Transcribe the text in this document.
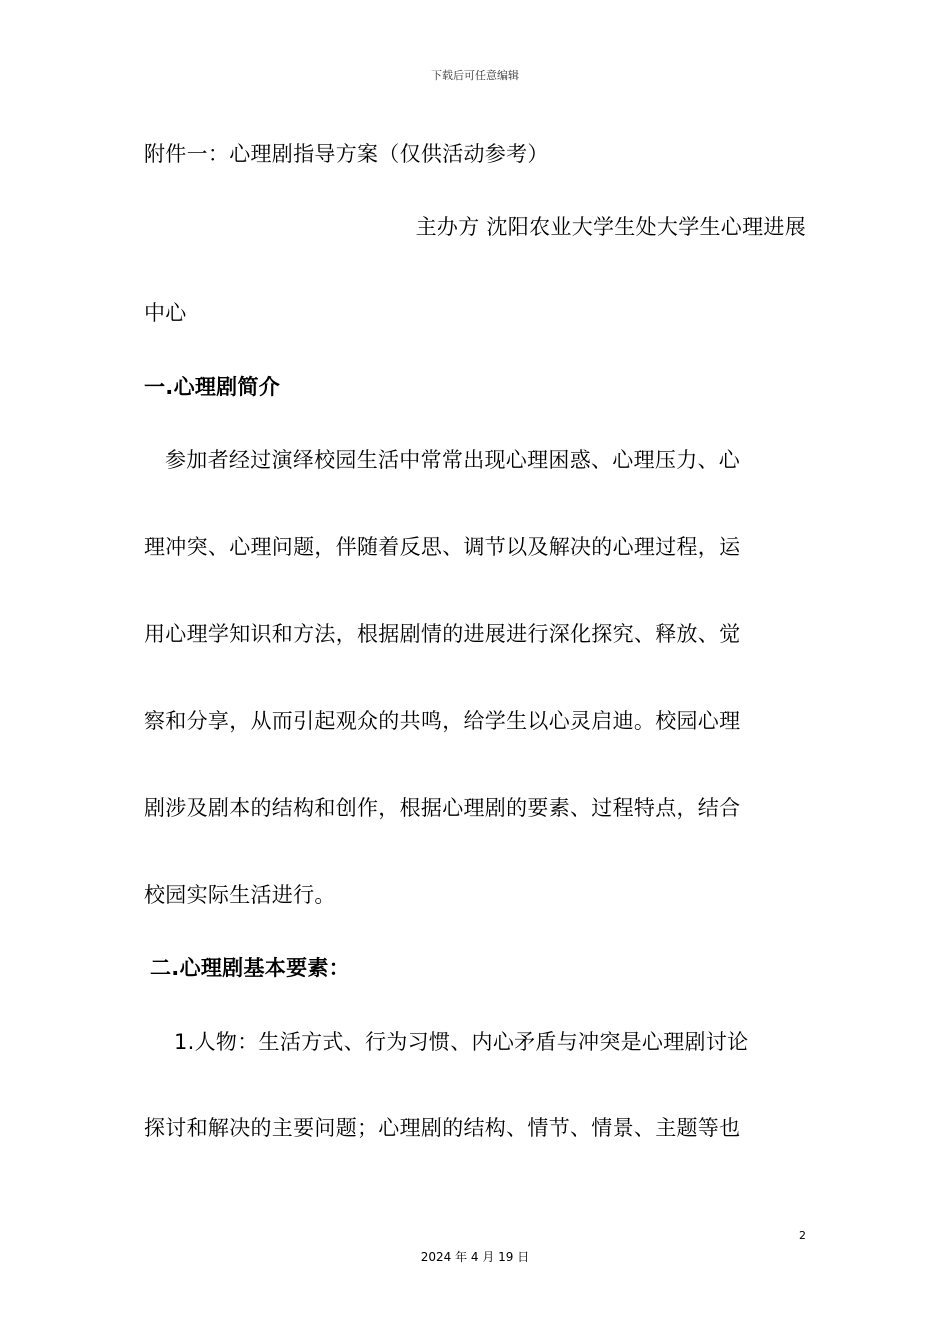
下载后可任意编辑
附件一：心理剧指导方案（仅供活动参考）
主办方 沈阳农业大学生处大学生心理进展
中心
一.心理剧简介
参加者经过演绎校园生活中常常出现心理困惑、心理压力、心
理冲突、心理问题，伴随着反思、调节以及解决的心理过程，运
用心理学知识和方法，根据剧情的进展进行深化探究、释放、觉
察和分享，从而引起观众的共鸣，给学生以心灵启迪。校园心理
剧涉及剧本的结构和创作，根据心理剧的要素、过程特点，结合
校园实际生活进行。
二.心理剧基本要素：
1.人物：生活方式、行为习惯、内心矛盾与冲突是心理剧讨论
探讨和解决的主要问题；心理剧的结构、情节、情景、主题等也
2
2024 年 4 月 19 日
